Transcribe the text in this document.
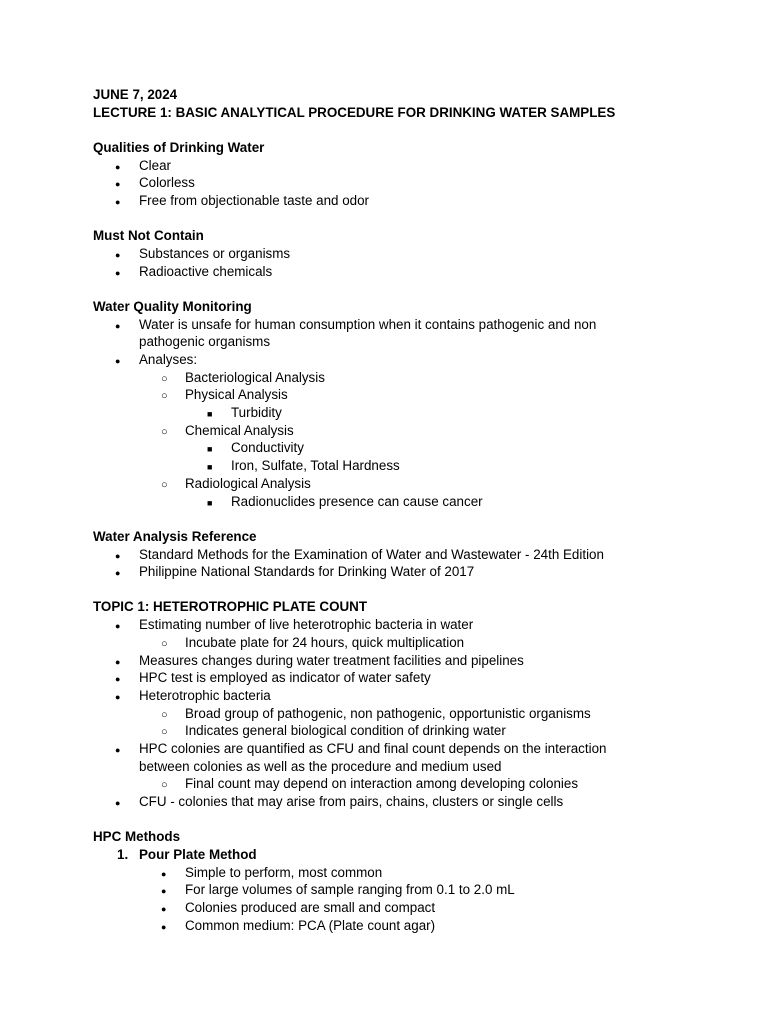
JUNE 7, 2024
LECTURE 1: BASIC ANALYTICAL PROCEDURE FOR DRINKING WATER SAMPLES
Qualities of Drinking Water
●
Clear
●
Colorless
●
Free from objectionable taste and odor
Must Not Contain
●
Substances or organisms
●
Radioactive chemicals
Water Quality Monitoring
●
Water is unsafe for human consumption when it contains pathogenic and non
pathogenic organisms
●
Analyses:
○
Bacteriological Analysis
○
Physical Analysis
■
Turbidity
○
Chemical Analysis
■
Conductivity
■
Iron, Sulfate, Total Hardness
○
Radiological Analysis
■
Radionuclides presence can cause cancer
Water Analysis Reference
●
Standard Methods for the Examination of Water and Wastewater - 24th Edition
●
Philippine National Standards for Drinking Water of 2017
TOPIC 1: HETEROTROPHIC PLATE COUNT
●
Estimating number of live heterotrophic bacteria in water
○
Incubate plate for 24 hours, quick multiplication
●
Measures changes during water treatment facilities and pipelines
●
HPC test is employed as indicator of water safety
●
Heterotrophic bacteria
○
Broad group of pathogenic, non pathogenic, opportunistic organisms
○
Indicates general biological condition of drinking water
●
HPC colonies are quantified as CFU and final count depends on the interaction
between colonies as well as the procedure and medium used
○
Final count may depend on interaction among developing colonies
●
CFU - colonies that may arise from pairs, chains, clusters or single cells
HPC Methods
1. Pour Plate Method
●
Simple to perform, most common
●
For large volumes of sample ranging from 0.1 to 2.0 mL
●
Colonies produced are small and compact
●
Common medium: PCA (Plate count agar)
